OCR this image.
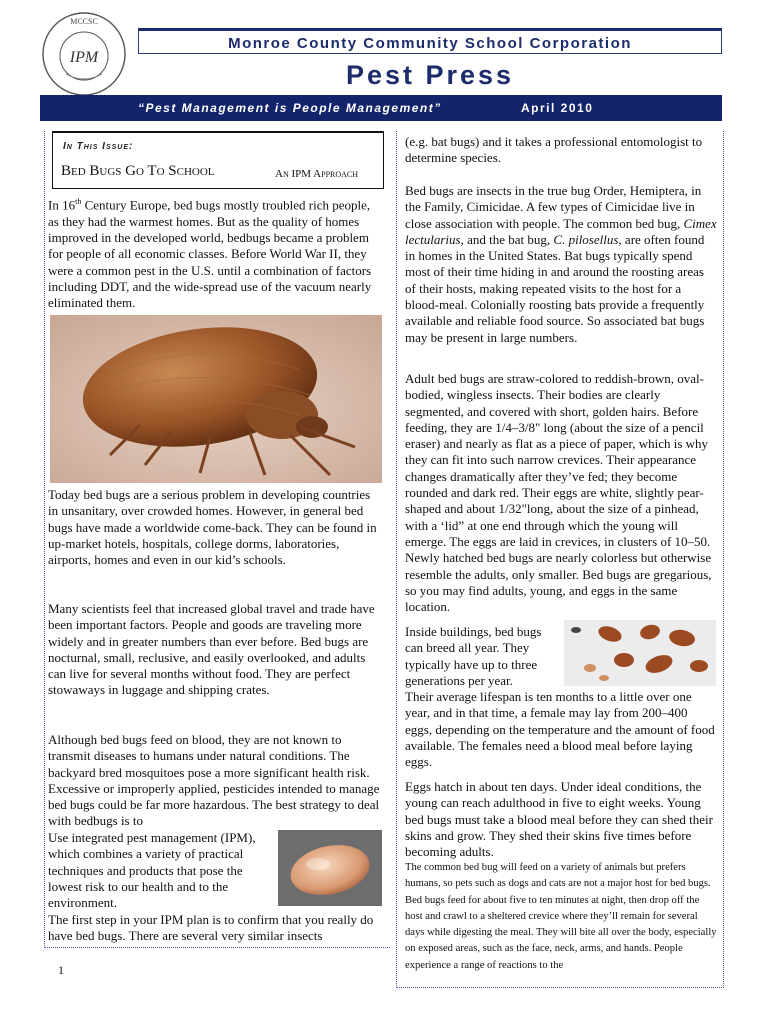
MCCSC
IPM
Monroe County Community School Corporation
Pest Press
“Pest Management is People Management”	April 2010
In This Issue:
Bed Bugs Go To School	An IPM Approach
In 16th Century Europe, bed bugs mostly troubled rich people, as they had the warmest homes. But as the quality of homes improved in the developed world, bedbugs became a problem for people of all economic classes. Before World War II, they were a common pest in the U.S. until a combination of factors including DDT, and the wide-spread use of the vacuum nearly eliminated them.
Today bed bugs are a serious problem in developing countries in unsanitary, over crowded homes. However, in general bed bugs have made a worldwide come-back. They can be found in up-market hotels, hospitals, college dorms, laboratories, airports, homes and even in our kid’s schools.
Many scientists feel that increased global travel and trade have been important factors. People and goods are traveling more widely and in greater numbers than ever before. Bed bugs are nocturnal, small, reclusive, and easily overlooked, and adults can live for several months without food. They are perfect stowaways in luggage and shipping crates.
Although bed bugs feed on blood, they are not known to transmit diseases to humans under natural conditions. The backyard bred mosquitoes pose a more significant health risk. Excessive or improperly applied, pesticides intended to manage bed bugs could be far more hazardous. The best strategy to deal with bedbugs is to
Use integrated pest management (IPM), which combines a variety of practical techniques and products that pose the lowest risk to our health and to the environment.
The first step in your IPM plan is to confirm that you really do have bed bugs. There are several very similar insects
1
(e.g. bat bugs) and it takes a professional entomologist to determine species.
Bed bugs are insects in the true bug Order, Hemiptera, in the Family, Cimicidae. A few types of Cimicidae live in close association with people. The common bed bug, Cimex lectularius, and the bat bug, C. pilosellus, are often found in homes in the United States. Bat bugs typically spend most of their time hiding in and around the roosting areas of their hosts, making repeated visits to the host for a blood-meal. Colonially roosting bats provide a frequently available and reliable food source. So associated bat bugs may be present in large numbers.
Adult bed bugs are straw-colored to reddish-brown, oval-bodied, wingless insects. Their bodies are clearly segmented, and covered with short, golden hairs. Before feeding, they are 1/4–3/8" long (about the size of a pencil eraser) and nearly as flat as a piece of paper, which is why they can fit into such narrow crevices. Their appearance changes dramatically after they’ve fed; they become rounded and dark red. Their eggs are white, slightly pear-shaped and about 1/32"long, about the size of a pinhead, with a ‘lid” at one end through which the young will emerge. The eggs are laid in crevices, in clusters of 10–50. Newly hatched bed bugs are nearly colorless but otherwise resemble the adults, only smaller. Bed bugs are gregarious, so you may find adults, young, and eggs in the same location.
Inside buildings, bed bugs can breed all year. They typically have up to three generations per year.
Their average lifespan is ten months to a little over one year, and in that time, a female may lay from 200–400 eggs, depending on the temperature and the amount of food available. The females need a blood meal before laying eggs.
Eggs hatch in about ten days. Under ideal conditions, the young can reach adulthood in five to eight weeks. Young bed bugs must take a blood meal before they can shed their skins and grow. They shed their skins five times before becoming adults.
The common bed bug will feed on a variety of animals but prefers humans, so pets such as dogs and cats are not a major host for bed bugs. Bed bugs feed for about five to ten minutes at night, then drop off the host and crawl to a sheltered crevice where they’ll remain for several days while digesting the meal. They will bite all over the body, especially on exposed areas, such as the face, neck, arms, and hands. People experience a range of reactions to the
